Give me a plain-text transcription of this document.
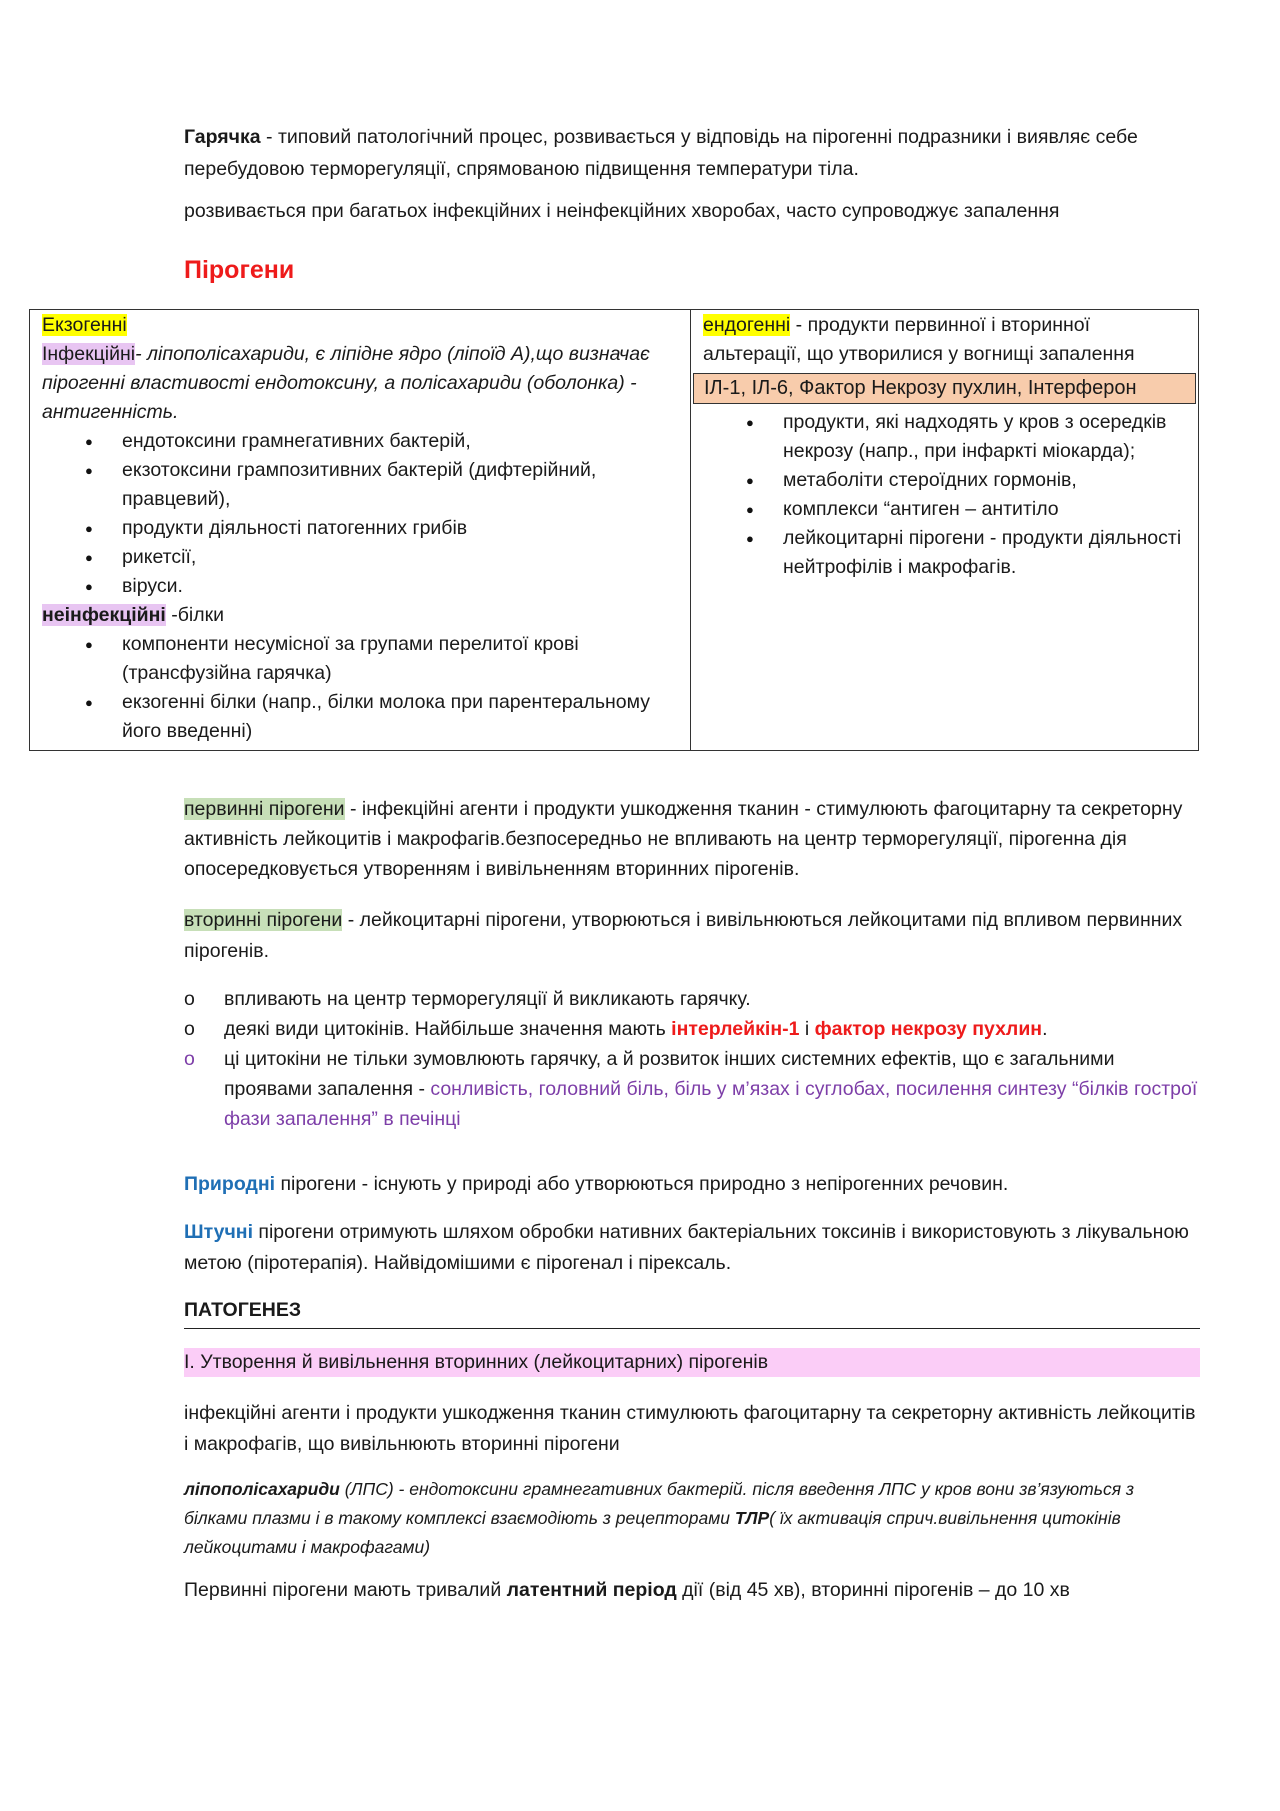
Гарячка - типовий патологічний процес, розвивається у відповідь на пірогенні подразники і виявляє себе перебудовою терморегуляції, спрямованою підвищення температури тіла.

розвивається при багатьох інфекційних і неінфекційних хворобах, часто супроводжує запалення

Пірогени
Екзогенні
Інфекційні- ліпополісахариди, є ліпідне ядро (ліпоїд А),що визначає пірогенні властивості ендотоксину, а полісахариди (оболонка) - антигенність.
● ендотоксини грамнегативних бактерій,
● екзотоксини грампозитивних бактерій (дифтерійний, правцевий),
● продукти діяльності патогенних грибів
● рикетсії,
● віруси.
неінфекційні -білки
● компоненти несумісної за групами перелитої крові (трансфузійна гарячка)
● екзогенні білки (напр., білки молока при парентеральному його введенні)

ендогенні - продукти первинної і вторинної альтерації, що утворилися у вогнищі запалення
ІЛ-1, ІЛ-6, Фактор Некрозу пухлин, Інтерферон
● продукти, які надходять у кров з осередків некрозу (напр., при інфаркті міокарда);
● метаболіти стероїдних гормонів,
● комплекси “антиген – антитіло
● лейкоцитарні пірогени - продукти діяльності нейтрофілів і макрофагів.

первинні пірогени - інфекційні агенти і продукти ушкодження тканин - стимулюють фагоцитарну та секреторну активність лейкоцитів і макрофагів.безпосередньо не впливають на центр терморегуляції, пірогенна дія опосередковується утворенням і вивільненням вторинних пірогенів.

вторинні пірогени - лейкоцитарні пірогени, утворюються і вивільнюються лейкоцитами під впливом первинних пірогенів.

o впливають на центр терморегуляції й викликають гарячку.
o деякі види цитокінів. Найбільше значення мають інтерлейкін-1 і фактор некрозу пухлин.
o ці цитокіни не тільки зумовлюють гарячку, а й розвиток інших системних ефектів, що є загальними проявами запалення - сонливість, головний біль, біль у м’язах і суглобах, посилення синтезу “білків гострої фази запалення” в печінці

Природні пірогени - існують у природі або утворюються природно з непірогенних речовин.

Штучні пірогени отримують шляхом обробки нативних бактеріальних токсинів і використовують з лікувальною метою (піротерапія). Найвідомішими є пірогенал і пірексаль.

ПАТОГЕНЕЗ
І. Утворення й вивільнення вторинних (лейкоцитарних) пірогенів

інфекційні агенти і продукти ушкодження тканин стимулюють фагоцитарну та секреторну активність лейкоцитів і макрофагів, що вивільнюють вторинні пірогени

ліпополісахариди (ЛПС) - ендотоксини грамнегативних бактерій. після введення ЛПС у кров вони зв’язуються з білками плазми і в такому комплексі взаємодіють з рецепторами ТЛР( їх активація сприч.вивільнення цитокінів лейкоцитами і макрофагами)

Первинні пірогени мають тривалий латентний період дії (від 45 хв), вторинні пірогенів – до 10 хв
